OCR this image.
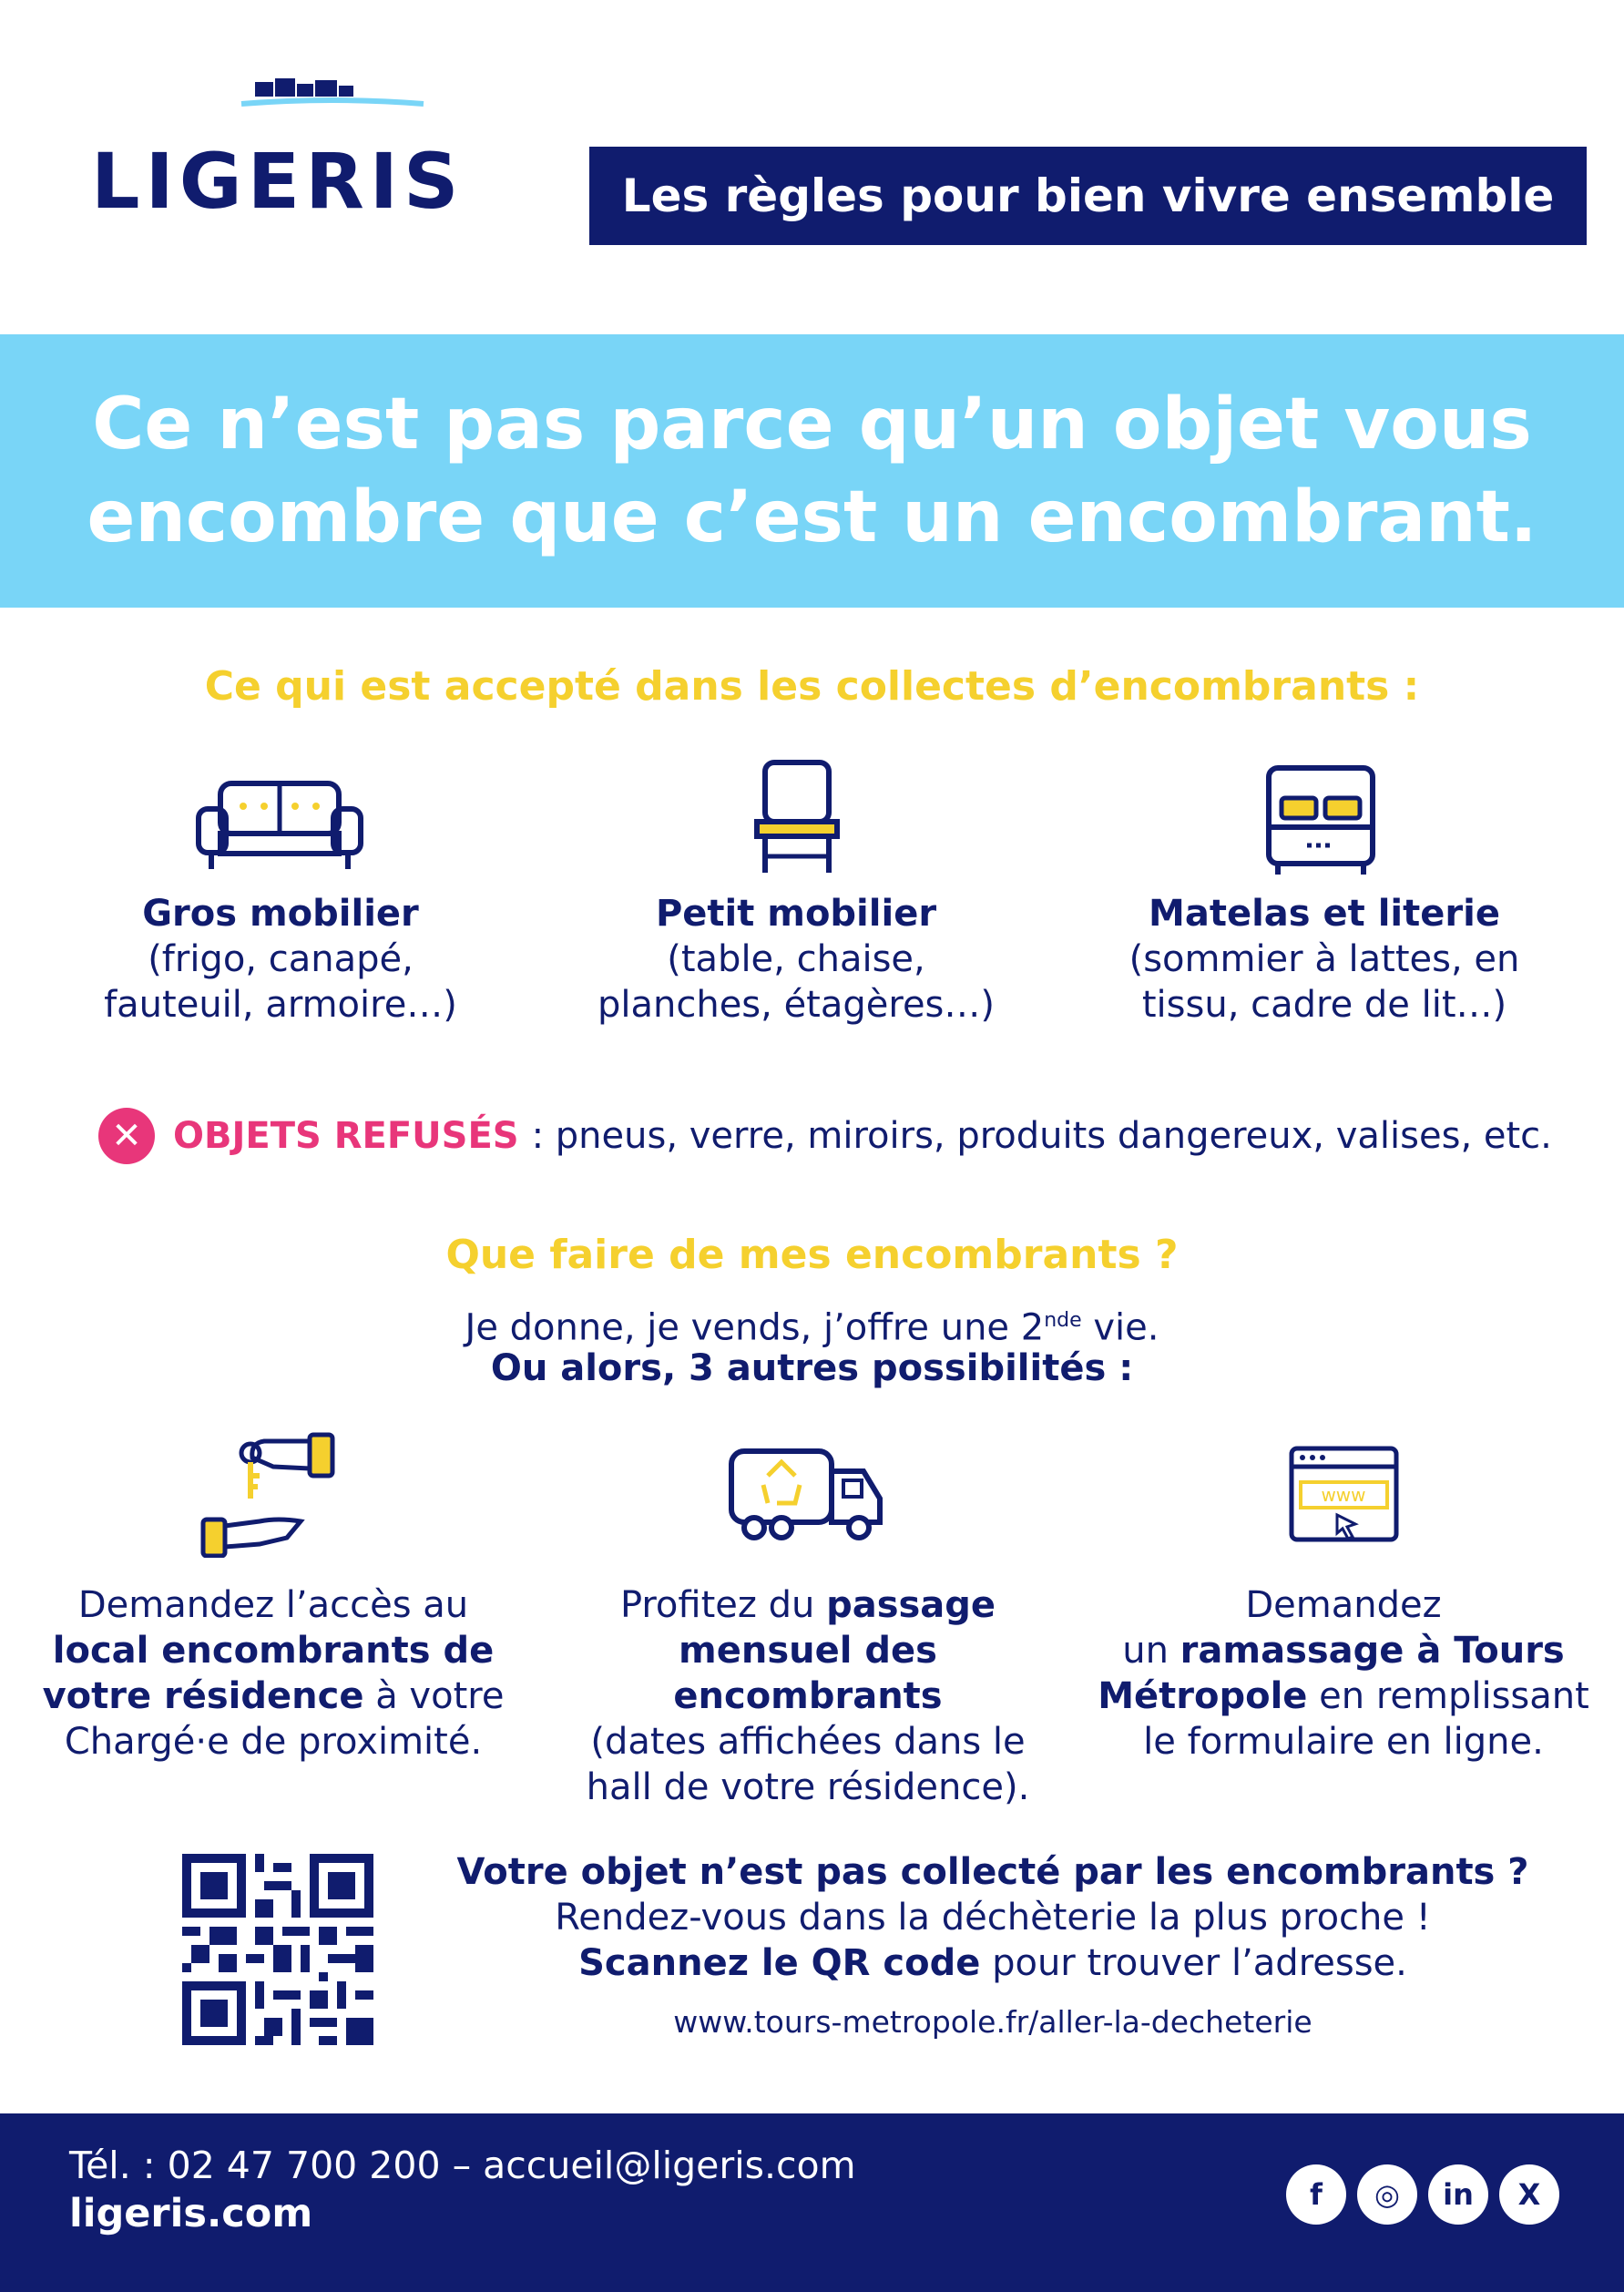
LIGERIS	Les règles pour bien vivre ensemble
Ce n’est pas parce qu’un objet vous
encombre que c’est un encombrant.
Ce qui est accepté dans les collectes d’encombrants :
Gros mobilier
(frigo, canapé,
fauteuil, armoire…)
Petit mobilier
(table, chaise,
planches, étagères…)
Matelas et literie
(sommier à lattes, en
tissu, cadre de lit…)
✕ OBJETS REFUSÉS : pneus, verre, miroirs, produits dangereux, valises, etc.
Que faire de mes encombrants ?
Je donne, je vends, j’offre une 2nde vie.
Ou alors, 3 autres possibilités :
www
Demandez l’accès au
local encombrants de
votre résidence à votre
Chargé·e de proximité.
Profitez du passage
mensuel des encombrants
(dates affichées dans le
hall de votre résidence).
Demandez
un ramassage à Tours
Métropole en remplissant
le formulaire en ligne.
Votre objet n’est pas collecté par les encombrants ?
Rendez-vous dans la déchèterie la plus proche !
Scannez le QR code pour trouver l’adresse.
www.tours-metropole.fr/aller-la-decheterie
Tél. : 02 47 700 200 – accueil@ligeris.com
ligeris.com	f	◎	in	X
